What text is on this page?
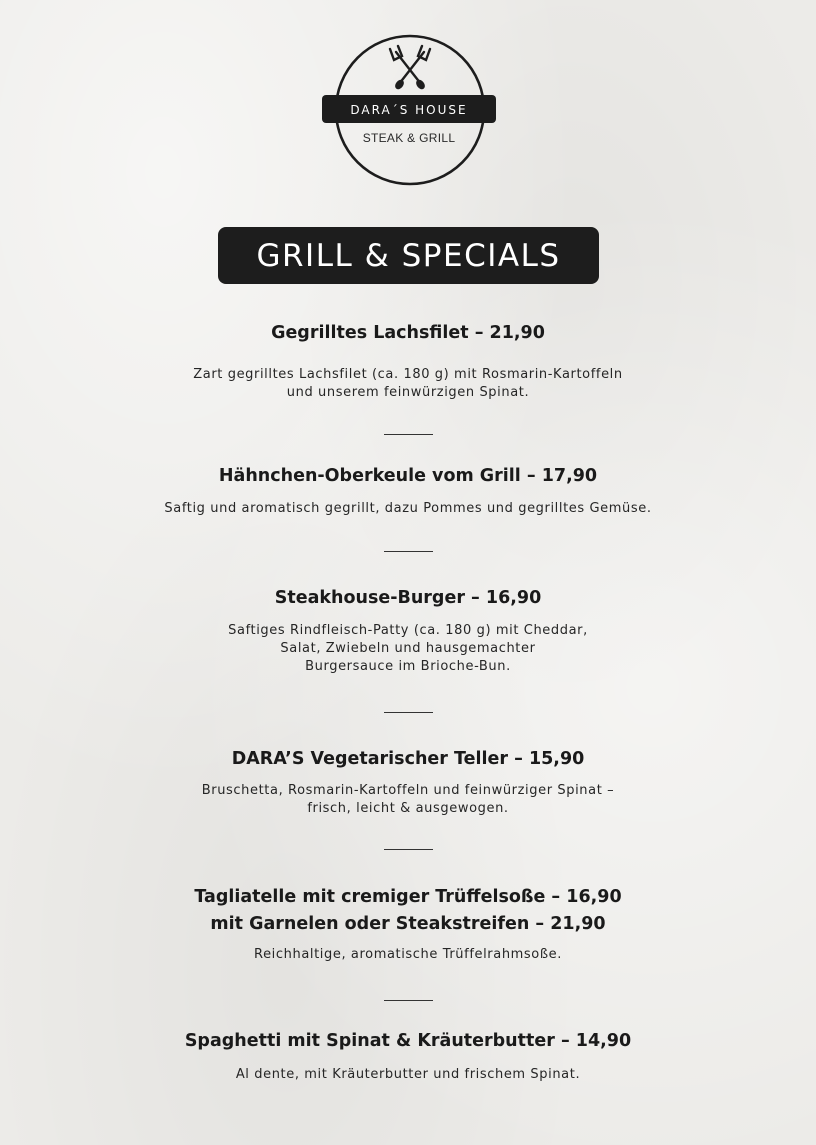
DARA´S HOUSE
STEAK & GRILL
GRILL & SPECIALS
Gegrilltes Lachsfilet – 21,90
Zart gegrilltes Lachsfilet (ca. 180 g) mit Rosmarin-Kartoffeln
und unserem feinwürzigen Spinat.
Hähnchen-Oberkeule vom Grill – 17,90
Saftig und aromatisch gegrillt, dazu Pommes und gegrilltes Gemüse.
Steakhouse-Burger – 16,90
Saftiges Rindfleisch-Patty (ca. 180 g) mit Cheddar,
Salat, Zwiebeln und hausgemachter
Burgersauce im Brioche-Bun.
DARA’S Vegetarischer Teller – 15,90
Bruschetta, Rosmarin-Kartoffeln und feinwürziger Spinat –
frisch, leicht & ausgewogen.
Tagliatelle mit cremiger Trüffelsoße – 16,90
mit Garnelen oder Steakstreifen – 21,90
Reichhaltige, aromatische Trüffelrahmsoße.
Spaghetti mit Spinat & Kräuterbutter – 14,90
Al dente, mit Kräuterbutter und frischem Spinat.
